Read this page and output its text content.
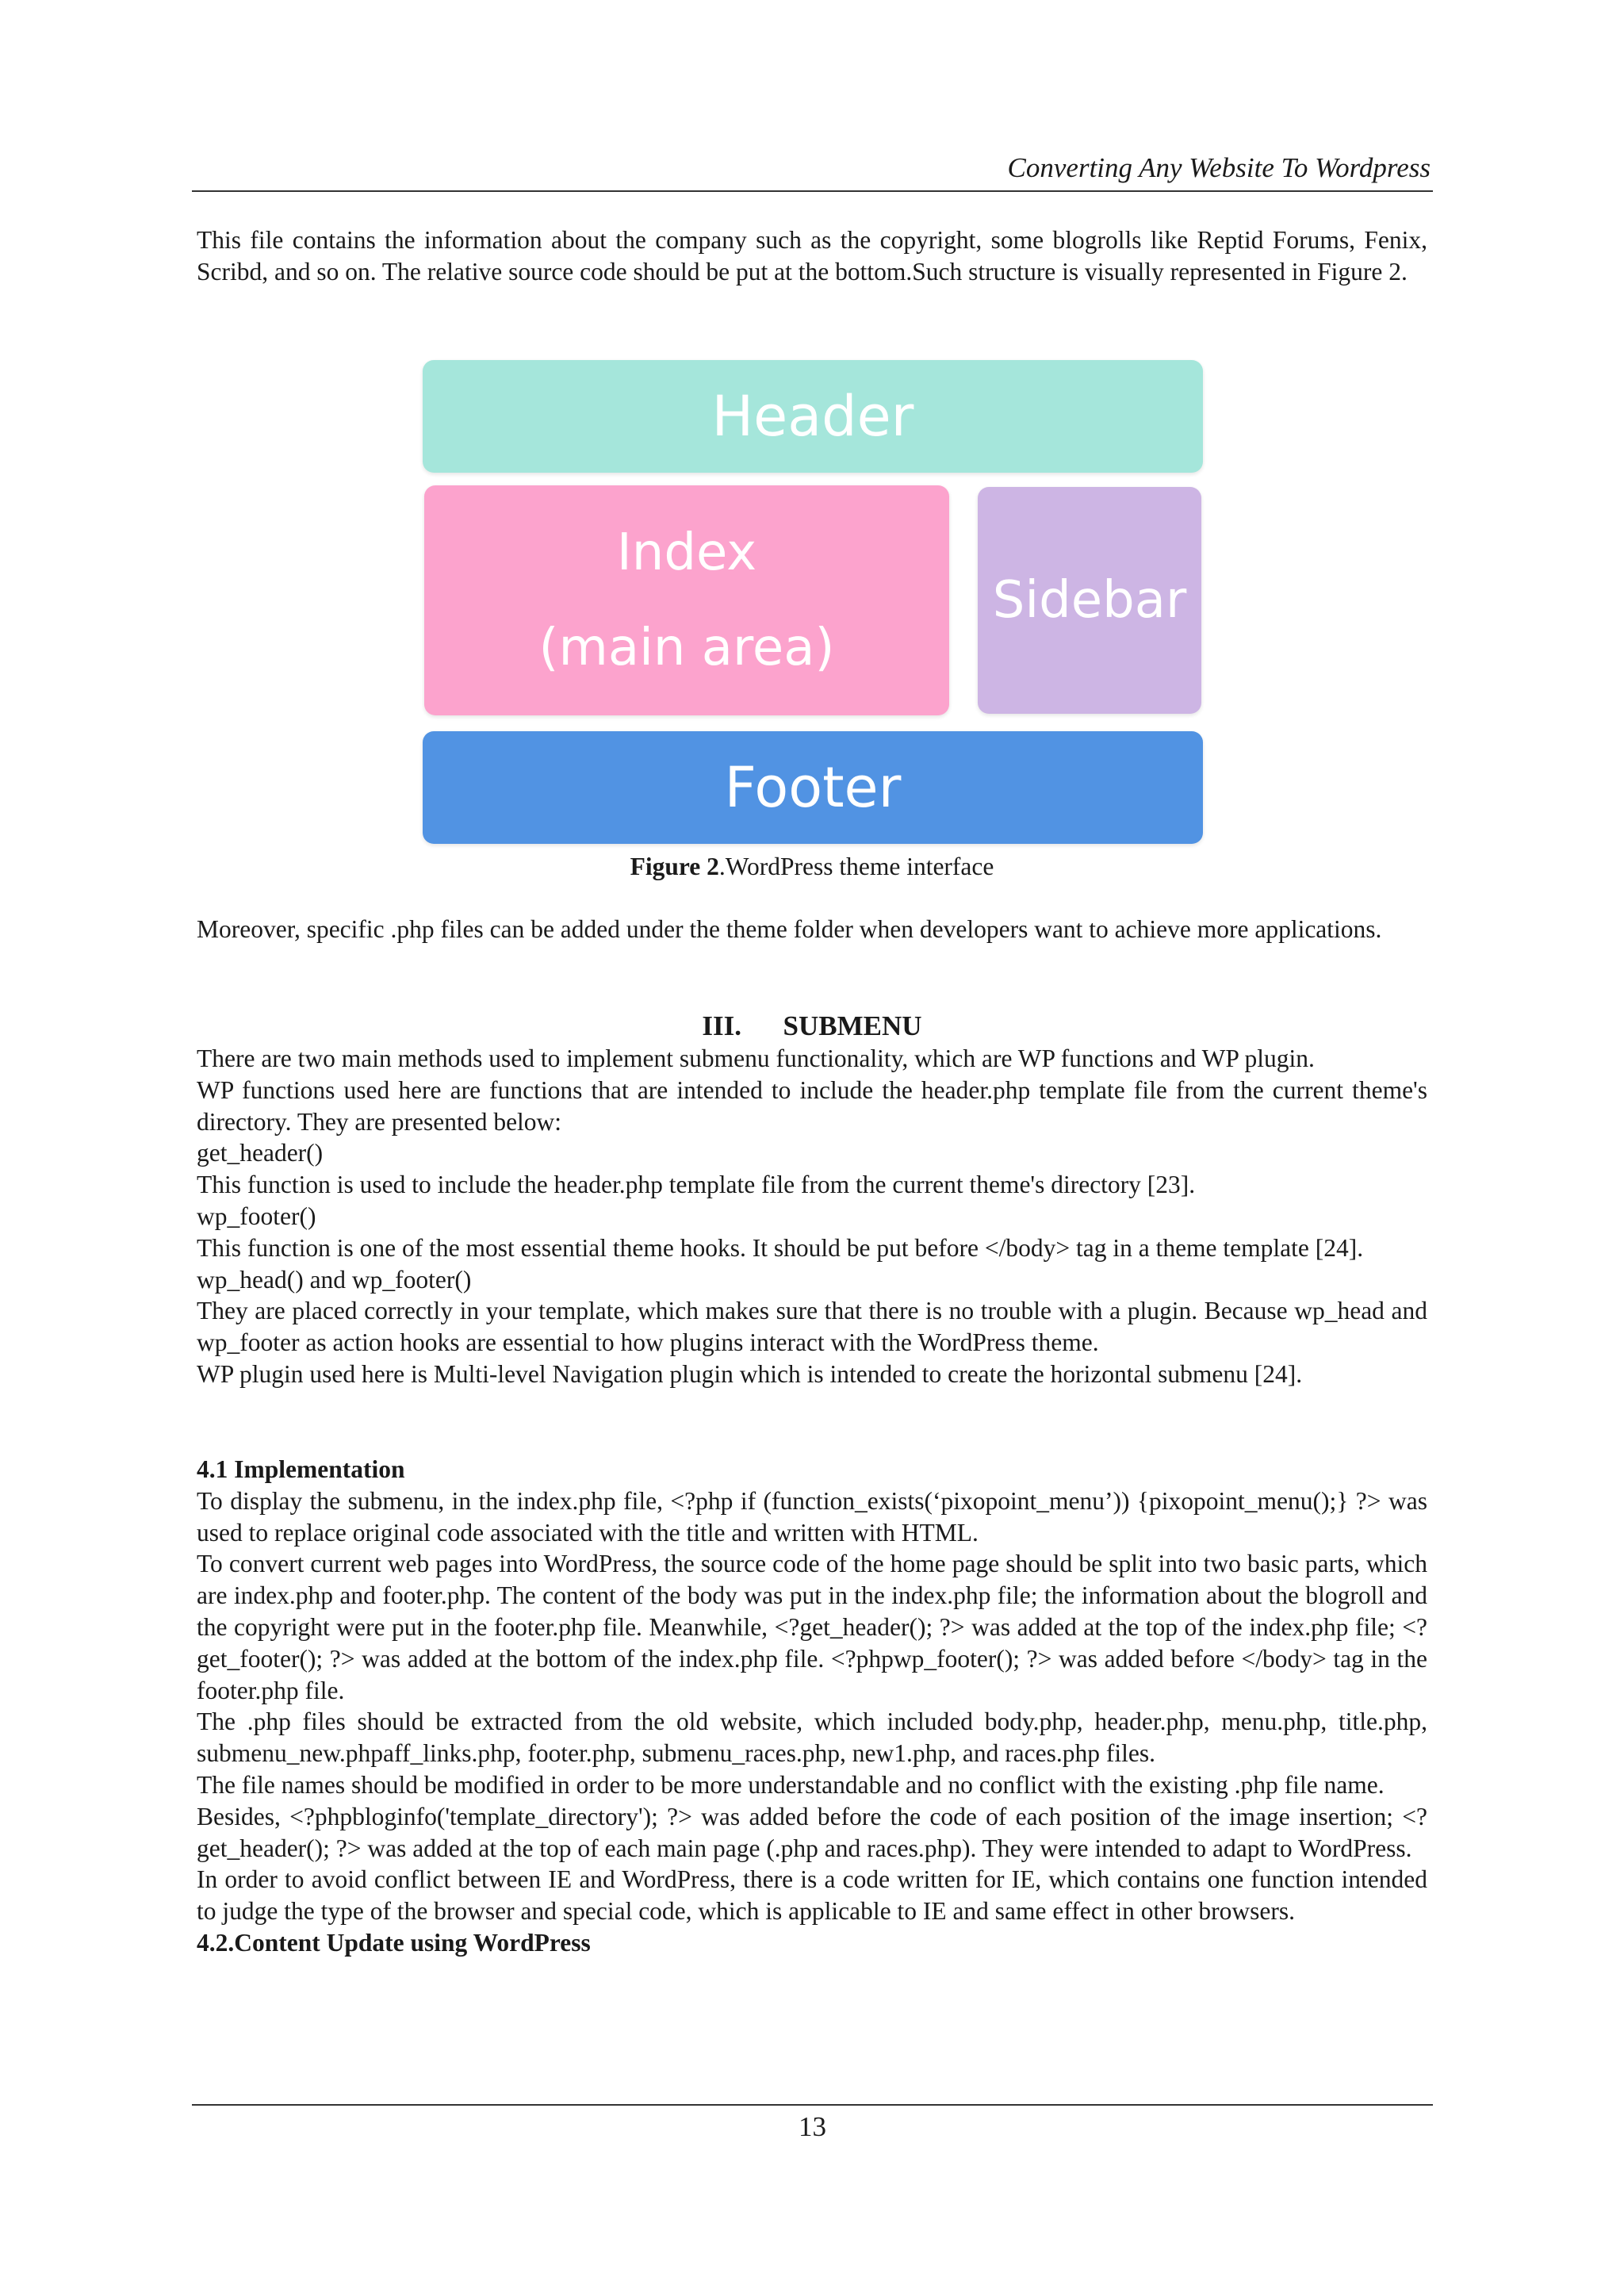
Converting Any Website To Wordpress

This file contains the information about the company such as the copyright, some blogrolls like Reptid Forums, Fenix, Scribd, and so on. The relative source code should be put at the bottom.Such structure is visually represented in Figure 2.

Header
Index
(main area)
Sidebar
Footer
Figure 2.WordPress theme interface

Moreover, specific .php files can be added under the theme folder when developers want to achieve more applications.

III. SUBMENU

There are two main methods used to implement submenu functionality, which are WP functions and WP plugin.

WP functions used here are functions that are intended to include the header.php template file from the current theme's directory. They are presented below:

get_header()

This function is used to include the header.php template file from the current theme's directory [23].

wp_footer()

This function is one of the most essential theme hooks. It should be put before </body> tag in a theme template [24].

wp_head() and wp_footer()

They are placed correctly in your template, which makes sure that there is no trouble with a plugin. Because wp_head and wp_footer as action hooks are essential to how plugins interact with the WordPress theme.

WP plugin used here is Multi-level Navigation plugin which is intended to create the horizontal submenu [24].

4.1 Implementation

To display the submenu, in the index.php file, <?php if (function_exists(‘pixopoint_menu’)) {pixopoint_menu();} ?> was used to replace original code associated with the title and written with HTML.

To convert current web pages into WordPress, the source code of the home page should be split into two basic parts, which are index.php and footer.php. The content of the body was put in the index.php file; the information about the blogroll and the copyright were put in the footer.php file. Meanwhile, <?get_header(); ?> was added at the top of the index.php file; <? get_footer(); ?> was added at the bottom of the index.php file. <?phpwp_footer(); ?> was added before </body> tag in the footer.php file.

The .php files should be extracted from the old website, which included body.php, header.php, menu.php, title.php, submenu_new.phpaff_links.php, footer.php, submenu_races.php, new1.php, and races.php files.

The file names should be modified in order to be more understandable and no conflict with the existing .php file name.

Besides, <?phpbloginfo('template_directory'); ?> was added before the code of each position of the image insertion; <? get_header(); ?> was added at the top of each main page (.php and races.php). They were intended to adapt to WordPress.

In order to avoid conflict between IE and WordPress, there is a code written for IE, which contains one function intended to judge the type of the browser and special code, which is applicable to IE and same effect in other browsers.

4.2.Content Update using WordPress

13
